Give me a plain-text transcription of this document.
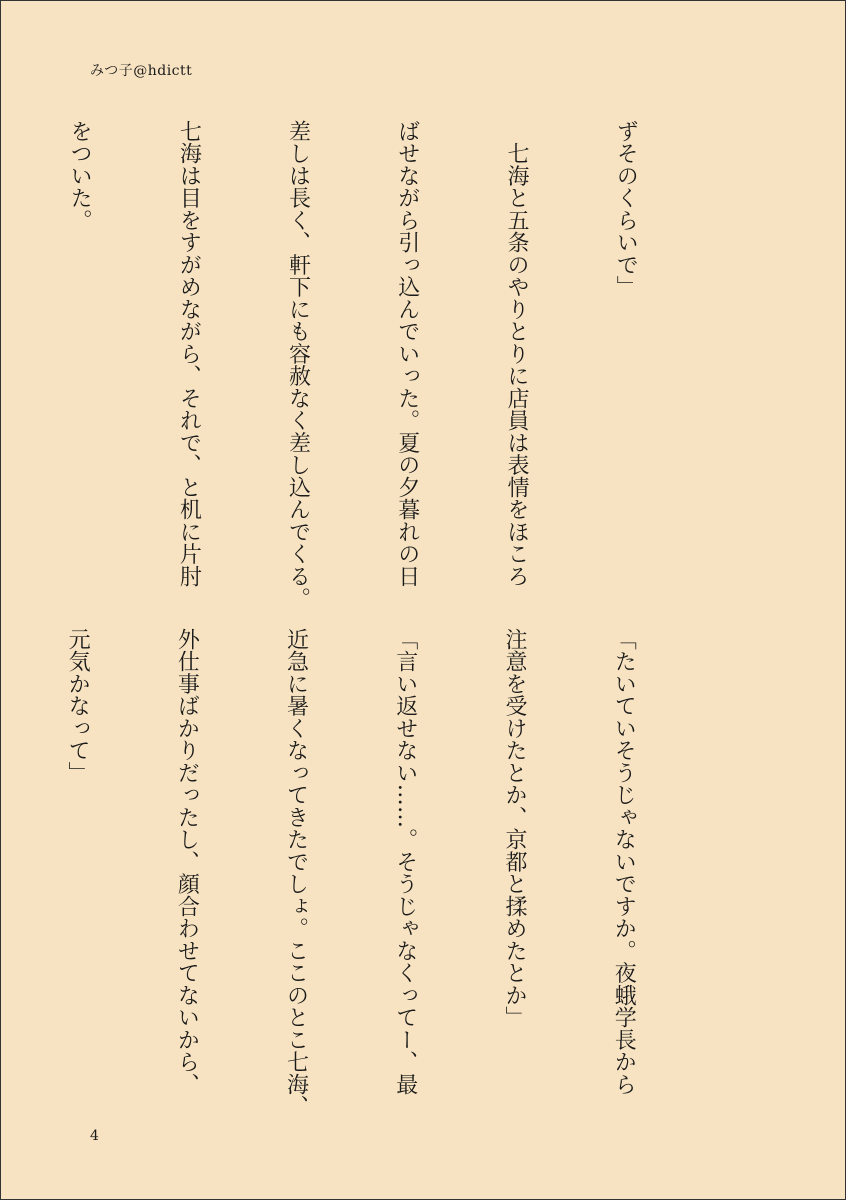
みつ子@hdictt

ずそのくらいで」

　七海と五条のやりとりに店員は表情をほころ

ばせながら引っ込んでいった。夏の夕暮れの日

差しは長く、軒下にも容赦なく差し込んでくる。

七海は目をすがめながら、それで、と机に片肘

をついた。

「たいていそうじゃないですか。夜蛾学長から

注意を受けたとか、京都と揉めたとか」

「言い返せない……。そうじゃなくってー、最

近急に暑くなってきたでしょ。ここのとこ七海、

外仕事ばかりだったし、顔合わせてないから、

元気かなって」

4
